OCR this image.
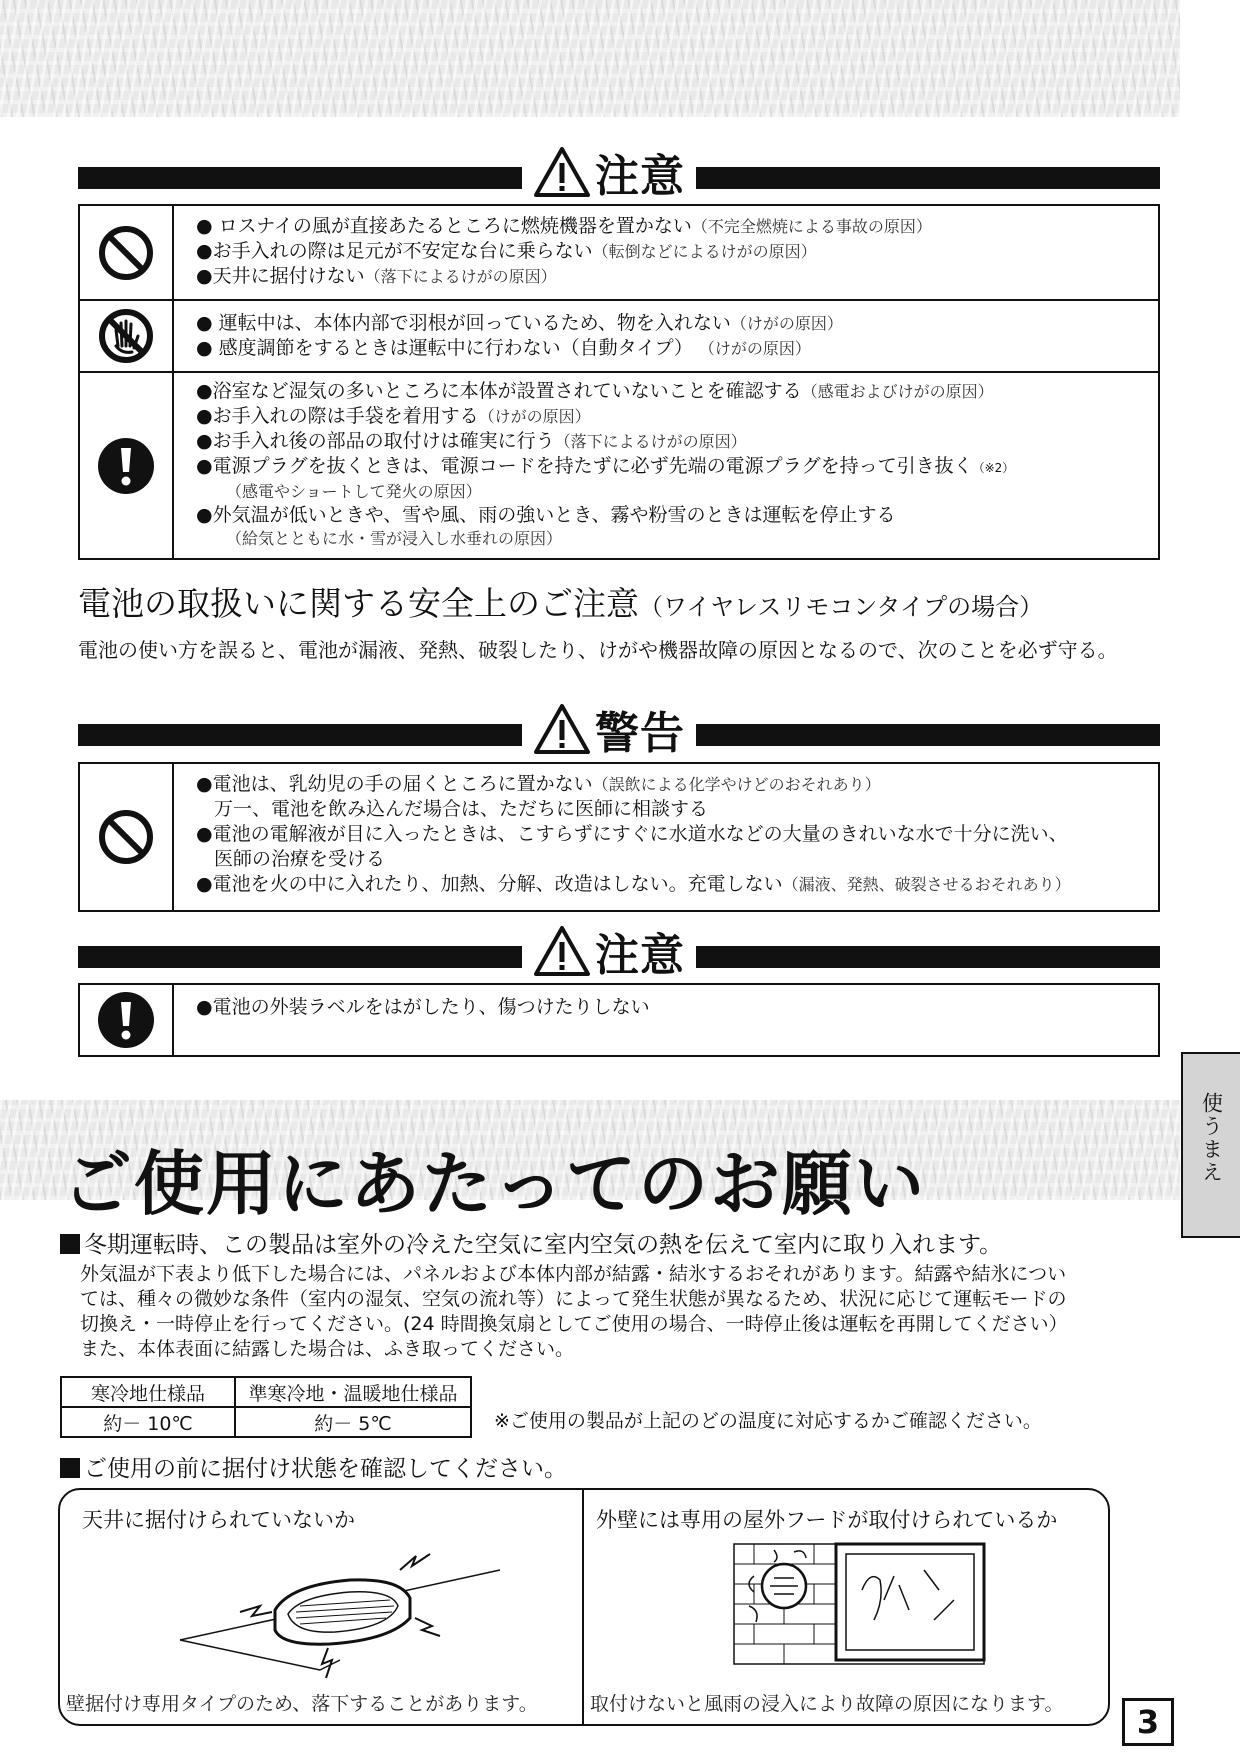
注意
● ロスナイの風が直接あたるところに燃焼機器を置かない（不完全燃焼による事故の原因）
●お手入れの際は足元が不安定な台に乗らない（転倒などによるけがの原因）
●天井に据付けない（落下によるけがの原因）
● 運転中は、本体内部で羽根が回っているため、物を入れない（けがの原因）
● 感度調節をするときは運転中に行わない（自動タイプ） （けがの原因）
●浴室など湿気の多いところに本体が設置されていないことを確認する（感電およびけがの原因）
●お手入れの際は手袋を着用する（けがの原因）
●お手入れ後の部品の取付けは確実に行う（落下によるけがの原因）
●電源プラグを抜くときは、電源コードを持たずに必ず先端の電源プラグを持って引き抜く（※2）
（感電やショートして発火の原因）
●外気温が低いときや、雪や風、雨の強いとき、霧や粉雪のときは運転を停止する
（給気とともに水・雪が浸入し水垂れの原因）
電池の取扱いに関する安全上のご注意（ワイヤレスリモコンタイプの場合）
電池の使い方を誤ると、電池が漏液、発熱、破裂したり、けがや機器故障の原因となるので、次のことを必ず守る。
警告
●電池は、乳幼児の手の届くところに置かない（誤飲による化学やけどのおそれあり）
万一、電池を飲み込んだ場合は、ただちに医師に相談する
●電池の電解液が目に入ったときは、こすらずにすぐに水道水などの大量のきれいな水で十分に洗い、
医師の治療を受ける
●電池を火の中に入れたり、加熱、分解、改造はしない。充電しない（漏液、発熱、破裂させるおそれあり）
注意
●電池の外装ラベルをはがしたり、傷つけたりしない
ご使用にあたってのお願い	使うまえ
冬期運転時、この製品は室外の冷えた空気に室内空気の熱を伝えて室内に取り入れます。
外気温が下表より低下した場合には、パネルおよび本体内部が結露・結氷するおそれがあります。結露や結氷につい
ては、種々の微妙な条件（室内の湿気、空気の流れ等）によって発生状態が異なるため、状況に応じて運転モードの
切換え・一時停止を行ってください。(24 時間換気扇としてご使用の場合、一時停止後は運転を再開してください）
また、本体表面に結露した場合は、ふき取ってください。
寒冷地仕様品	準寒冷地・温暖地仕様品
約－ 10℃	約－ 5℃	※ご使用の製品が上記のどの温度に対応するかご確認ください。
ご使用の前に据付け状態を確認してください。
天井に据付けられていないか
壁据付け専用タイプのため、落下することがあります。
外壁には専用の屋外フードが取付けられているか
取付けないと風雨の浸入により故障の原因になります。	3
